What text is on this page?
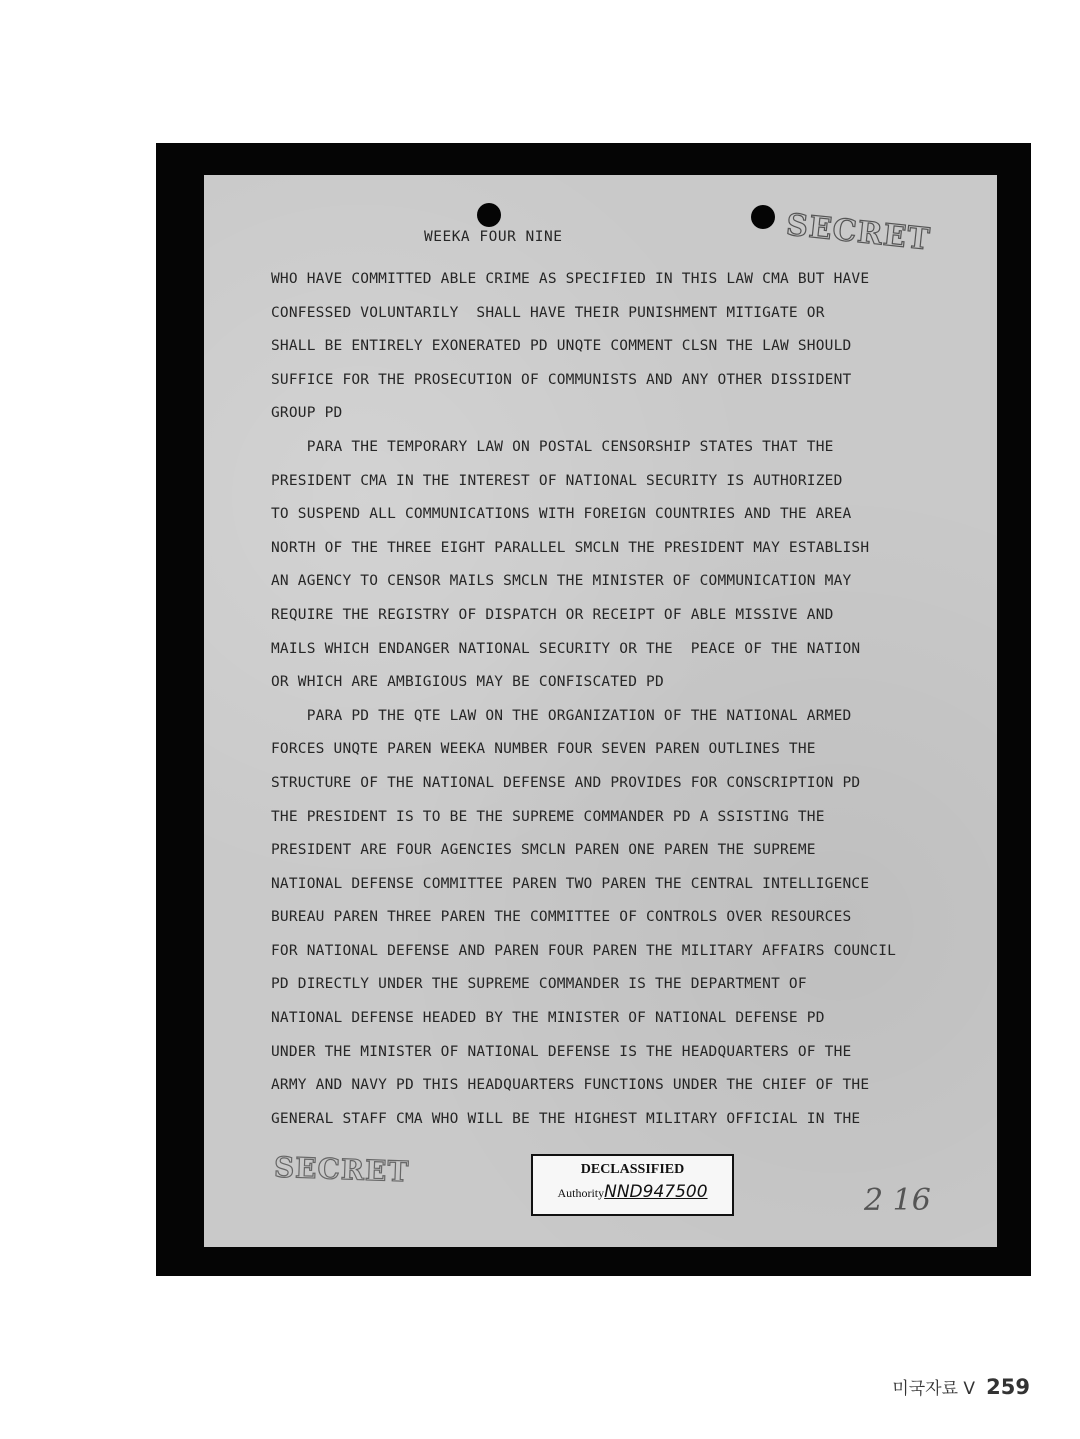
SECRET
WEEKA FOUR NINE

WHO HAVE COMMITTED ABLE CRIME AS SPECIFIED IN THIS LAW CMA BUT HAVE

CONFESSED VOLUNTARILY  SHALL HAVE THEIR PUNISHMENT MITIGATE OR

SHALL BE ENTIRELY EXONERATED PD UNQTE COMMENT CLSN THE LAW SHOULD

SUFFICE FOR THE PROSECUTION OF COMMUNISTS AND ANY OTHER DISSIDENT

GROUP PD

PARA THE TEMPORARY LAW ON POSTAL CENSORSHIP STATES THAT THE

PRESIDENT CMA IN THE INTEREST OF NATIONAL SECURITY IS AUTHORIZED

TO SUSPEND ALL COMMUNICATIONS WITH FOREIGN COUNTRIES AND THE AREA

NORTH OF THE THREE EIGHT PARALLEL SMCLN THE PRESIDENT MAY ESTABLISH

AN AGENCY TO CENSOR MAILS SMCLN THE MINISTER OF COMMUNICATION MAY

REQUIRE THE REGISTRY OF DISPATCH OR RECEIPT OF ABLE MISSIVE AND

MAILS WHICH ENDANGER NATIONAL SECURITY OR THE  PEACE OF THE NATION

OR WHICH ARE AMBIGIOUS MAY BE CONFISCATED PD

PARA PD THE QTE LAW ON THE ORGANIZATION OF THE NATIONAL ARMED

FORCES UNQTE PAREN WEEKA NUMBER FOUR SEVEN PAREN OUTLINES THE

STRUCTURE OF THE NATIONAL DEFENSE AND PROVIDES FOR CONSCRIPTION PD

THE PRESIDENT IS TO BE THE SUPREME COMMANDER PD A SSISTING THE

PRESIDENT ARE FOUR AGENCIES SMCLN PAREN ONE PAREN THE SUPREME

NATIONAL DEFENSE COMMITTEE PAREN TWO PAREN THE CENTRAL INTELLIGENCE

BUREAU PAREN THREE PAREN THE COMMITTEE OF CONTROLS OVER RESOURCES

FOR NATIONAL DEFENSE AND PAREN FOUR PAREN THE MILITARY AFFAIRS COUNCIL

PD DIRECTLY UNDER THE SUPREME COMMANDER IS THE DEPARTMENT OF

NATIONAL DEFENSE HEADED BY THE MINISTER OF NATIONAL DEFENSE PD

UNDER THE MINISTER OF NATIONAL DEFENSE IS THE HEADQUARTERS OF THE

ARMY AND NAVY PD THIS HEADQUARTERS FUNCTIONS UNDER THE CHIEF OF THE

GENERAL STAFF CMA WHO WILL BE THE HIGHEST MILITARY OFFICIAL IN THE

SECRET	DECLASSIFIED
AuthorityNND947500	2 16
미국자료 V 259
